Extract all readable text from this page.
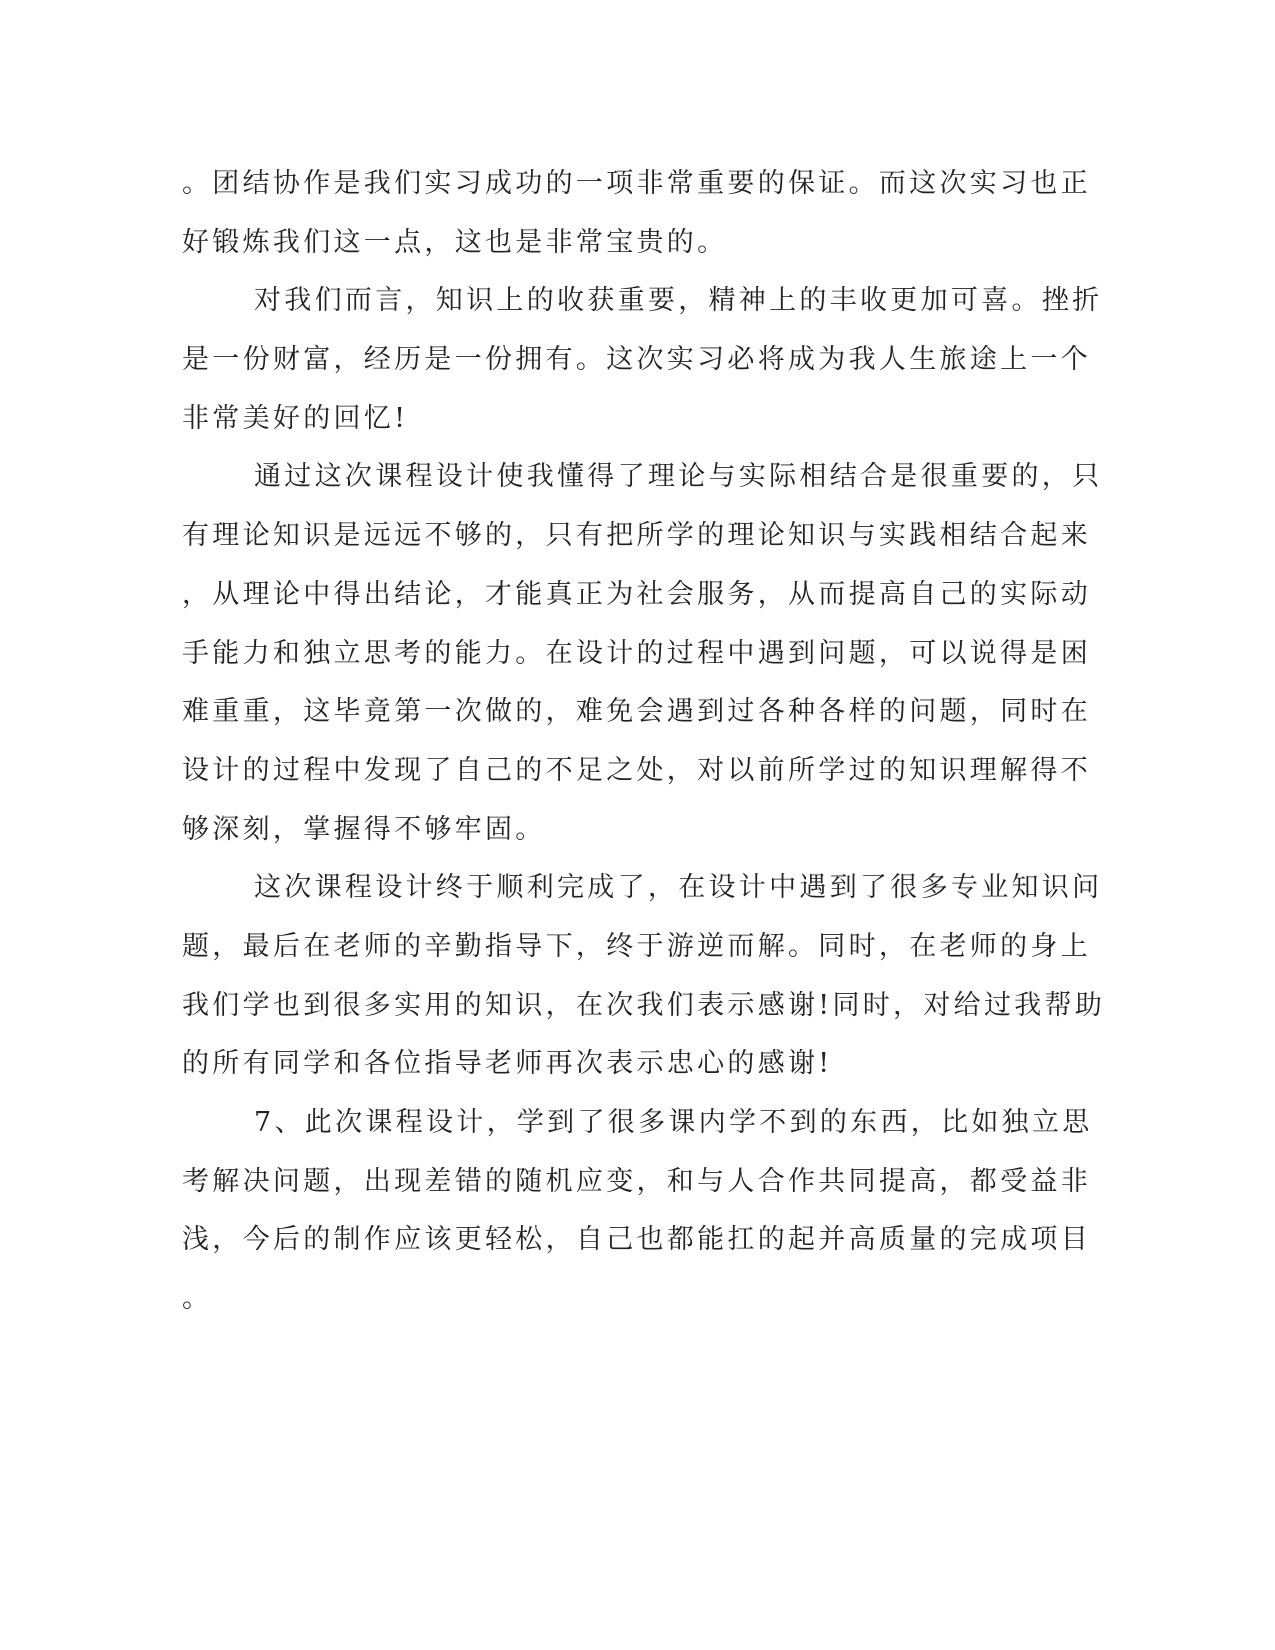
。团结协作是我们实习成功的一项非常重要的保证。而这次实习也正
好锻炼我们这一点，这也是非常宝贵的。
对我们而言，知识上的收获重要，精神上的丰收更加可喜。挫折
是一份财富，经历是一份拥有。这次实习必将成为我人生旅途上一个
非常美好的回忆!
通过这次课程设计使我懂得了理论与实际相结合是很重要的，只
有理论知识是远远不够的，只有把所学的理论知识与实践相结合起来
，从理论中得出结论，才能真正为社会服务，从而提高自己的实际动
手能力和独立思考的能力。在设计的过程中遇到问题，可以说得是困
难重重，这毕竟第一次做的，难免会遇到过各种各样的问题，同时在
设计的过程中发现了自己的不足之处，对以前所学过的知识理解得不
够深刻，掌握得不够牢固。
这次课程设计终于顺利完成了，在设计中遇到了很多专业知识问
题，最后在老师的辛勤指导下，终于游逆而解。同时，在老师的身上
我们学也到很多实用的知识，在次我们表示感谢!同时，对给过我帮助
的所有同学和各位指导老师再次表示忠心的感谢!
7、此次课程设计，学到了很多课内学不到的东西，比如独立思
考解决问题，出现差错的随机应变，和与人合作共同提高，都受益非
浅，今后的制作应该更轻松，自己也都能扛的起并高质量的完成项目
。
